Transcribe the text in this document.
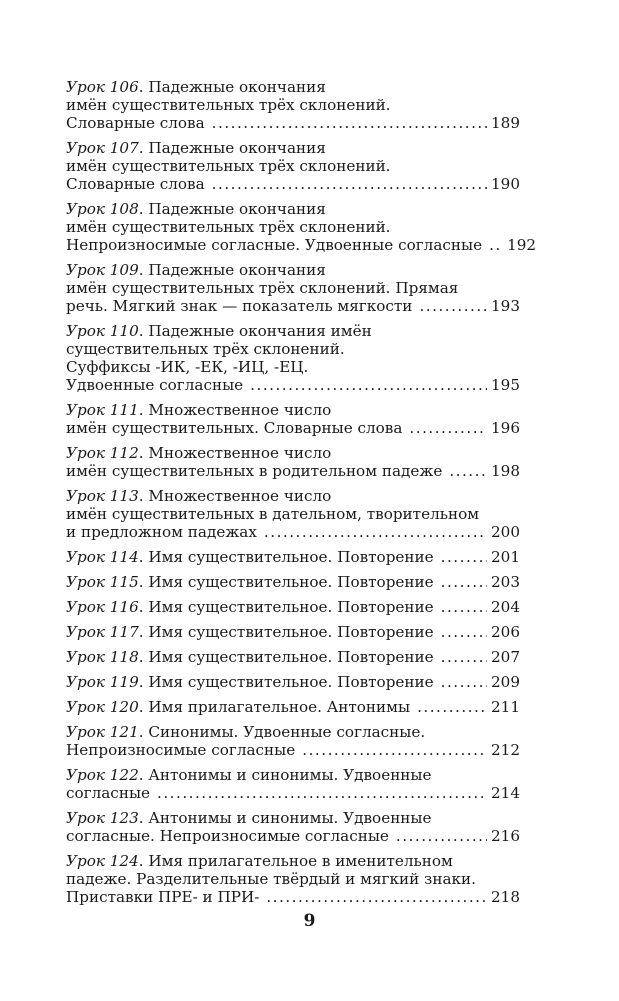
Урок 106 . Падежные окончания
имён существительных трёх склонений.
Словарные слова .....	189
Урок 107 . Падежные окончания
имён существительных трёх склонений.
Словарные слова .....	190
Урок 108 . Падежные окончания
имён существительных трёх склонений.
Непроизносимые согласные. Удвоенные согласные ..... 192
Урок 109 . Падежные окончания
имён существительных трёх склонений. Прямая
речь. Мягкий знак — показатель мягкости .....	193
Урок 110 . Падежные окончания имён
существительных трёх склонений.
Суффиксы -ИК, -ЕК, -ИЦ, -ЕЦ.
Удвоенные согласные .....	195
Урок 111 . Множественное число
имён существительных. Словарные слова .....	196
Урок 112 . Множественное число
имён существительных в родительном падеже .....	198
Урок 113 . Множественное число
имён существительных в дательном, творительном
и предложном падежах .....	200
Урок 114 . Имя существительное. Повторение .....	201
Урок 115 . Имя существительное. Повторение .....	203
Урок 116 . Имя существительное. Повторение .....	204
Урок 117 . Имя существительное. Повторение .....	206
Урок 118 . Имя существительное. Повторение .....	207
Урок 119 . Имя существительное. Повторение .....	209
Урок 120 . Имя прилагательное. Антонимы .....	211
Урок 121 . Синонимы. Удвоенные согласные.
Непроизносимые согласные .....	212
Урок 122 . Антонимы и синонимы. Удвоенные
согласные .....	214
Урок 123 . Антонимы и синонимы. Удвоенные
согласные. Непроизносимые согласные .....	216
Урок 124 . Имя прилагательное в именительном
падеже. Разделительные твёрдый и мягкий знаки.
Приставки ПРЕ- и ПРИ- .....	218
9
